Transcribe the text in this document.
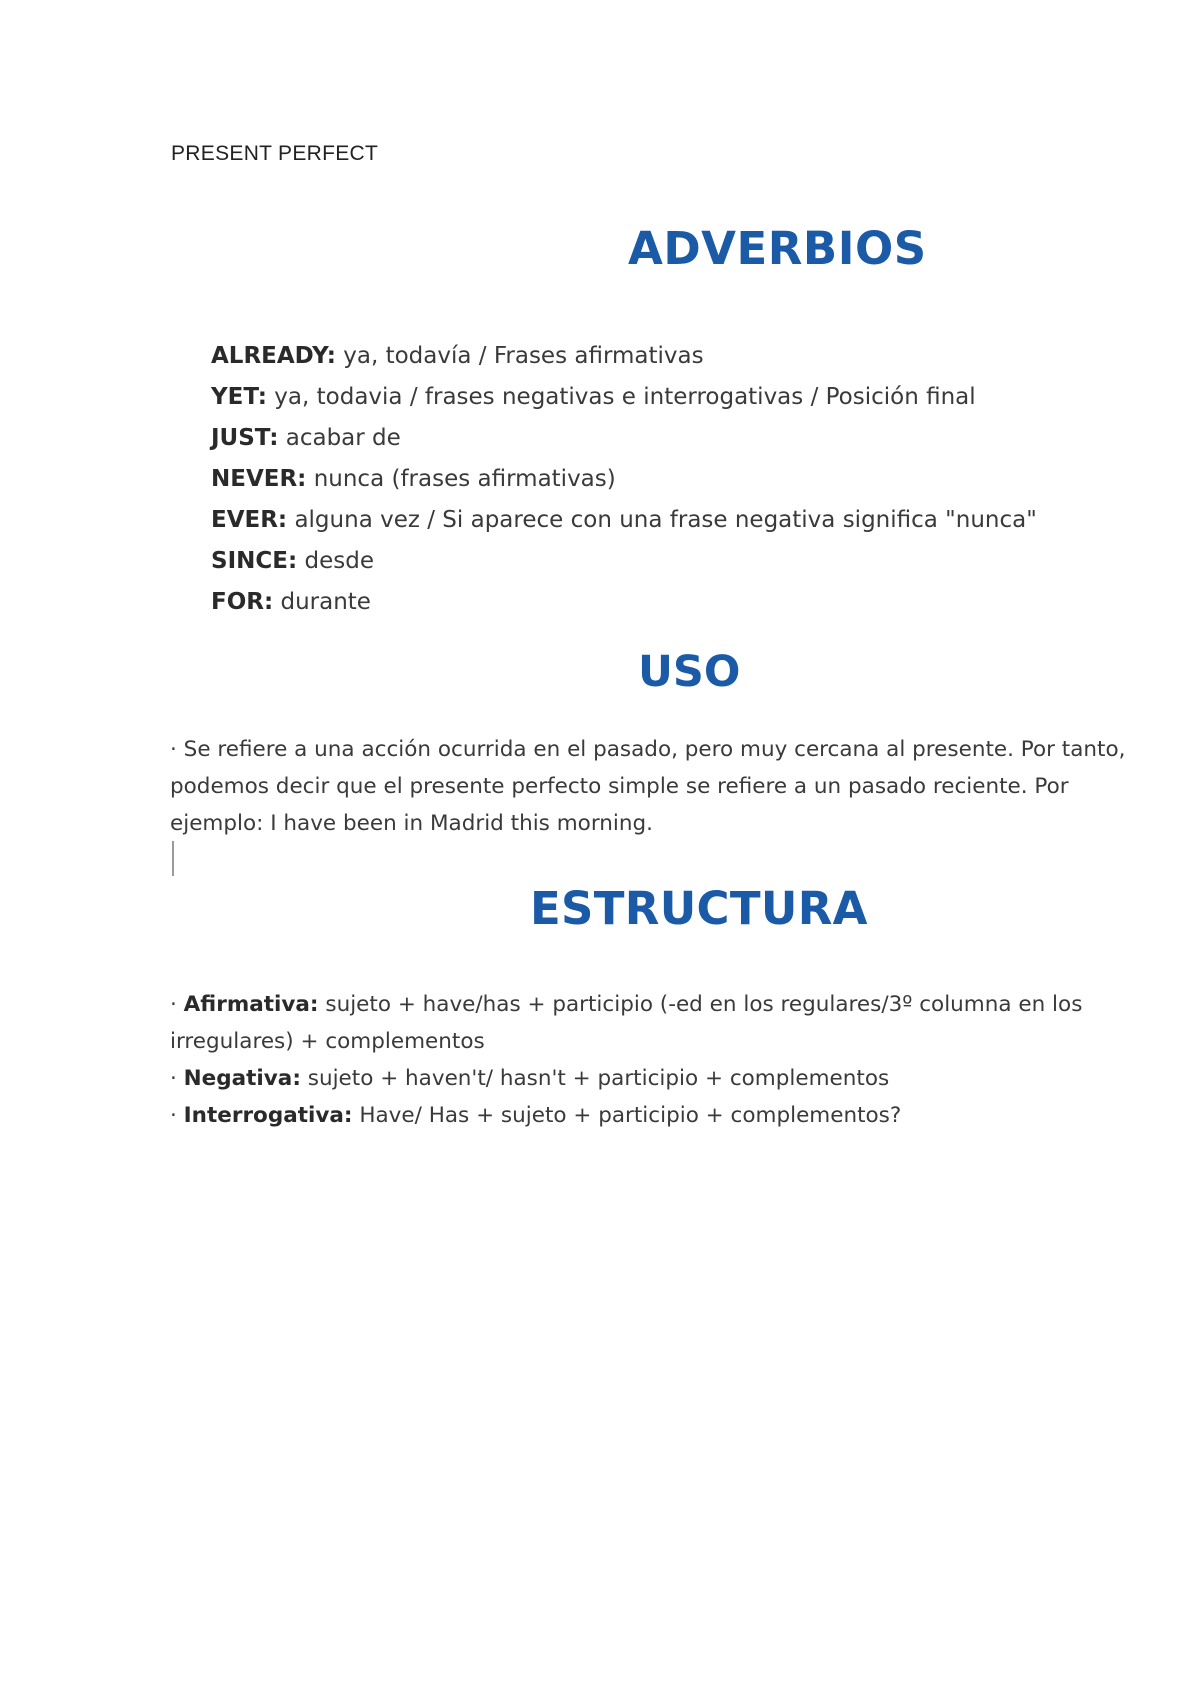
PRESENT PERFECT
ADVERBIOS
ALREADY: ya, todavía / Frases afirmativas
YET: ya, todavia / frases negativas e interrogativas / Posición final
JUST: acabar de
NEVER: nunca (frases afirmativas)
EVER: alguna vez / Si aparece con una frase negativa significa "nunca"
SINCE: desde
FOR: durante
USO

· Se refiere a una acción ocurrida en el pasado, pero muy cercana al presente. Por tanto,
podemos decir que el presente perfecto simple se refiere a un pasado reciente. Por
ejemplo: I have been in Madrid this morning.

ESTRUCTURA
· Afirmativa: sujeto + have/has + participio (-ed en los regulares/3º columna en los
irregulares) + complementos
· Negativa: sujeto + haven't/ hasn't + participio + complementos
· Interrogativa: Have/ Has + sujeto + participio + complementos?
